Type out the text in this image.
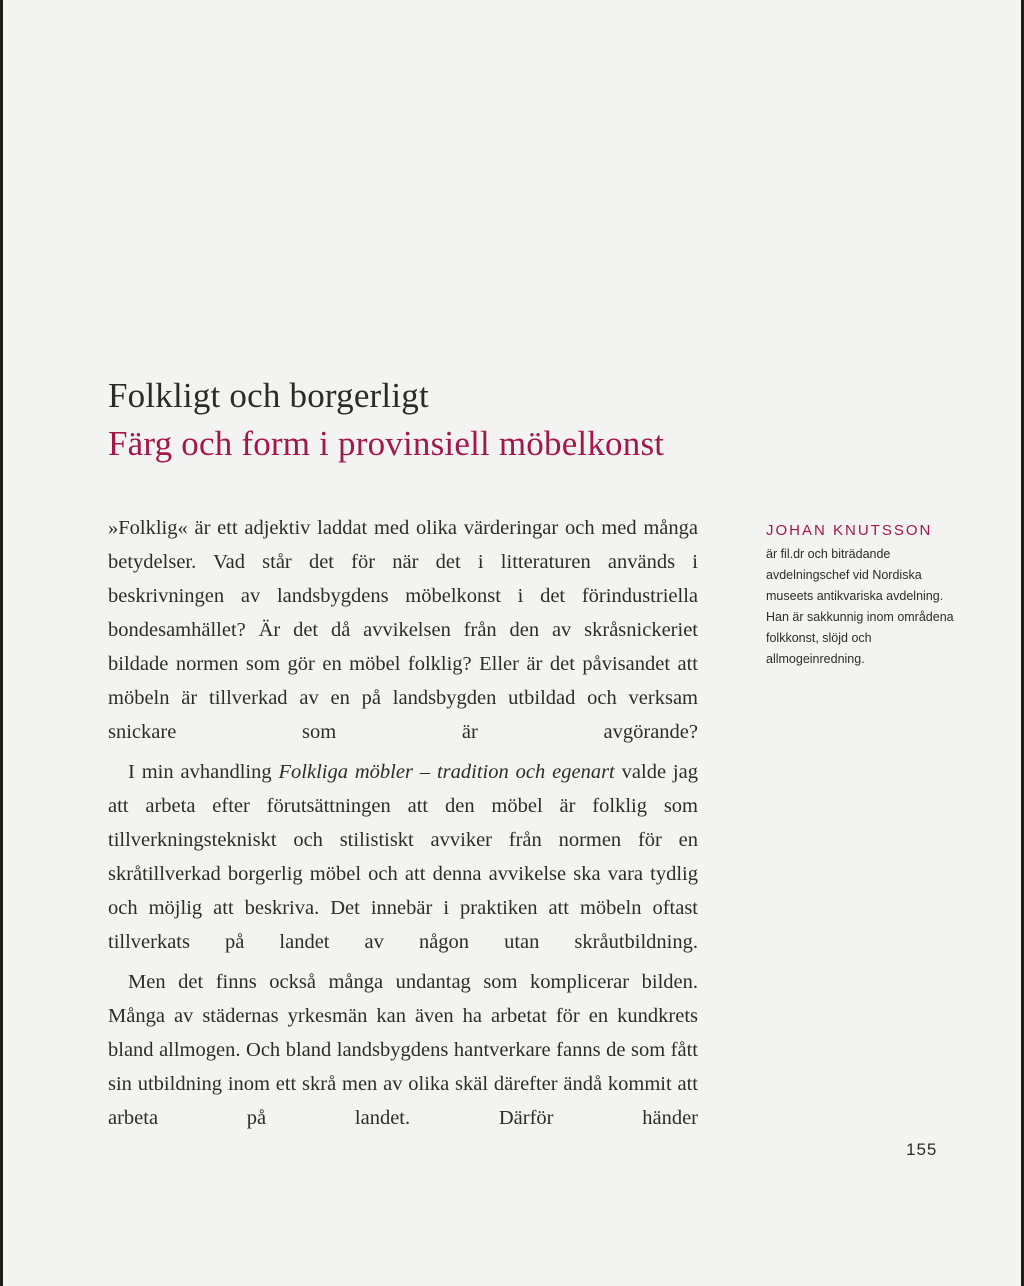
Folkligt och borgerligt
Färg och form i provinsiell möbelkonst

»Folklig« är ett adjektiv laddat med olika värderingar och med många betydelser. Vad står det för när det i litteraturen används i beskrivningen av landsbygdens möbelkonst i det förindustriella bondesamhället? Är det då avvikelsen från den av skråsnickeriet bildade normen som gör en möbel folklig? Eller är det påvisandet att möbeln är tillverkad av en på landsbygden utbildad och verksam snickare som är avgörande?

I min avhandling Folkliga möbler – tradition och egenart valde jag att arbeta efter förutsättningen att den möbel är folklig som tillverkningstekniskt och stilistiskt avviker från normen för en skråtillverkad borgerlig möbel och att denna avvikelse ska vara tydlig och möjlig att beskriva. Det innebär i praktiken att möbeln oftast tillverkats på landet av någon utan skråutbildning.

Men det finns också många undantag som komplicerar bilden. Många av städernas yrkesmän kan även ha arbetat för en kundkrets bland allmogen. Och bland landsbygdens hantverkare fanns de som fått sin utbildning inom ett skrå men av olika skäl därefter ändå kommit att arbeta på landet. Därför händer

JOHAN KNUTSSON
är fil.dr och biträdande avdelningschef vid Nordiska museets antikvariska avdelning. Han är sakkunnig inom områdena folkkonst, slöjd och allmogeinredning.
155
